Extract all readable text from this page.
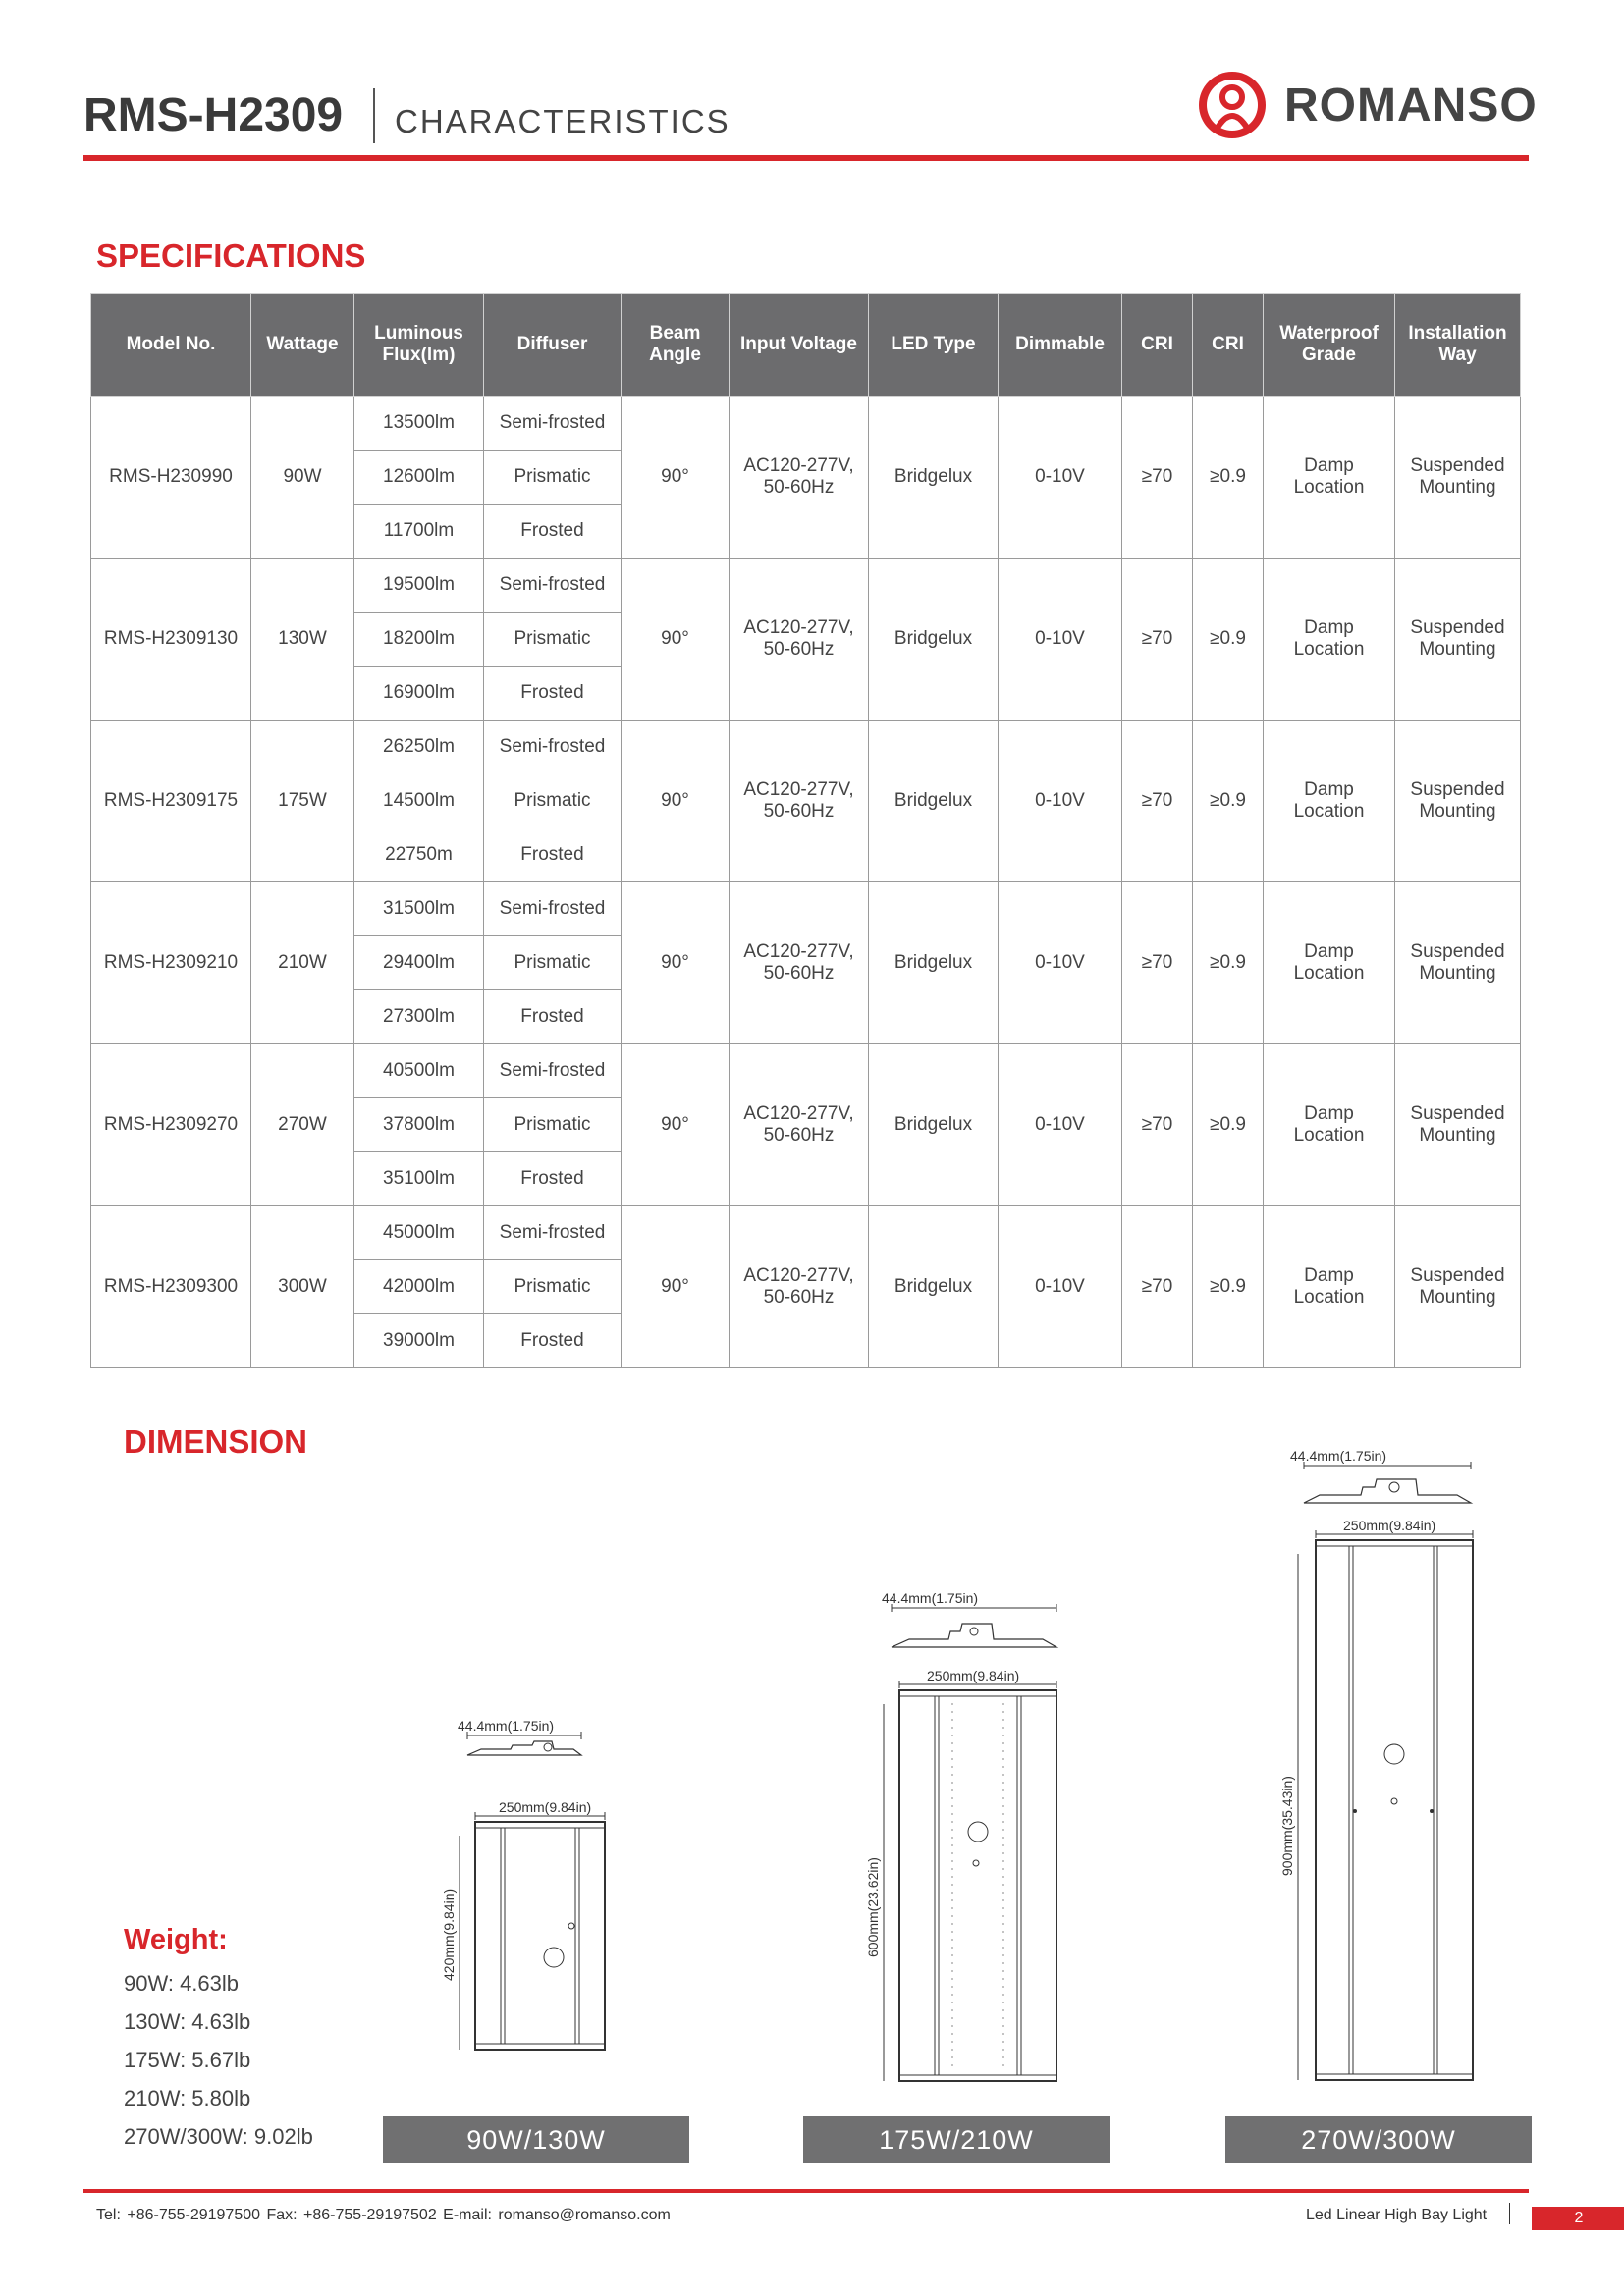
RMS-H2309 CHARACTERISTICS	ROMANSO
SPECIFICATIONS
Model No.	Wattage	Luminous Flux(lm)	Diffuser	Beam Angle	Input Voltage	LED Type	Dimmable	CRI	CRI	Waterproof Grade	Installation Way
RMS-H230990	90W	13500lm	Semi-frosted	90°	AC120-277V, 50-60Hz	Bridgelux	0-10V	≥70	≥0.9	Damp Location	Suspended Mounting
		12600lm	Prismatic								
		11700lm	Frosted								
RMS-H2309130	130W	19500lm	Semi-frosted	90°	AC120-277V, 50-60Hz	Bridgelux	0-10V	≥70	≥0.9	Damp Location	Suspended Mounting
		18200lm	Prismatic								
		16900lm	Frosted								
RMS-H2309175	175W	26250lm	Semi-frosted	90°	AC120-277V, 50-60Hz	Bridgelux	0-10V	≥70	≥0.9	Damp Location	Suspended Mounting
		14500lm	Prismatic								
		22750m	Frosted								
RMS-H2309210	210W	31500lm	Semi-frosted	90°	AC120-277V, 50-60Hz	Bridgelux	0-10V	≥70	≥0.9	Damp Location	Suspended Mounting
		29400lm	Prismatic								
		27300lm	Frosted								
RMS-H2309270	270W	40500lm	Semi-frosted	90°	AC120-277V, 50-60Hz	Bridgelux	0-10V	≥70	≥0.9	Damp Location	Suspended Mounting
		37800lm	Prismatic								
		35100lm	Frosted								
RMS-H2309300	300W	45000lm	Semi-frosted	90°	AC120-277V, 50-60Hz	Bridgelux	0-10V	≥70	≥0.9	Damp Location	Suspended Mounting
		42000lm	Prismatic								
		39000lm	Frosted								
DIMENSION
44.4mm(1.75in)
250mm(9.84in)
420mm(9.84in)
90W/130W
44.4mm(1.75in)
250mm(9.84in)
600mm(23.62in)
175W/210W
44.4mm(1.75in)
250mm(9.84in)
900mm(35.43in)
270W/300W
Weight:
90W: 4.63lb
130W: 4.63lb
175W: 5.67lb
210W: 5.80lb
270W/300W: 9.02lb
Tel: +86-755-29197500 Fax: +86-755-29197502 E-mail: romanso@romanso.com	Led Linear High Bay Light	2
